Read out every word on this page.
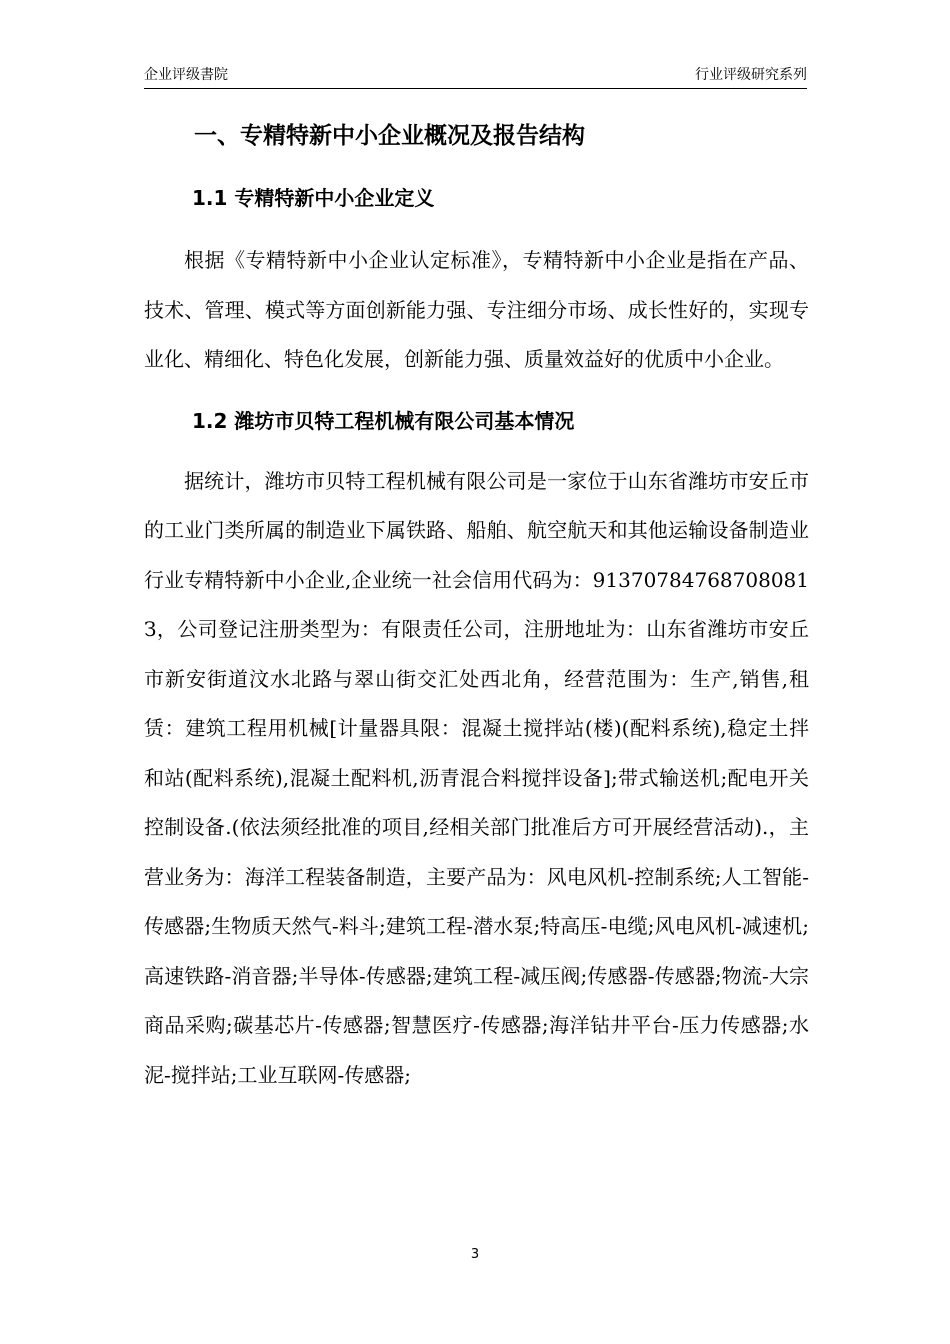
企业评级書院	行业评级研究系列
一、专精特新中小企业概况及报告结构
1.1 专精特新中小企业定义

根据《专精特新中小企业认定标准》，专精特新中小企业是指在产品、技术、管理、模式等方面创新能力强、专注细分市场、成长性好的，实现专业化、精细化、特色化发展，创新能力强、质量效益好的优质中小企业。

1.2 潍坊市贝特工程机械有限公司基本情况

据统计，潍坊市贝特工程机械有限公司是一家位于山东省潍坊市安丘市的工业门类所属的制造业下属铁路、船舶、航空航天和其他运输设备制造业行业专精特新中小企业,企业统一社会信用代码为：91370784768708081З，公司登记注册类型为：有限责任公司，注册地址为：山东省潍坊市安丘市新安街道汶水北路与翠山街交汇处西北角，经营范围为：生产,销售,租赁：建筑工程用机械[计量器具限：混凝土搅拌站(楼)(配料系统),稳定土拌和站(配料系统),混凝土配料机,沥青混合料搅拌设备];带式输送机;配电开关控制设备.(依法须经批准的项目,经相关部门批准后方可开展经营活动).，主营业务为：海洋工程装备制造，主要产品为：风电风机-控制系统;人工智能-传感器;生物质天然气-料斗;建筑工程-潜水泵;特高压-电缆;风电风机-减速机;高速铁路-消音器;半导体-传感器;建筑工程-减压阀;传感器-传感器;物流-大宗商品采购;碳基芯片-传感器;智慧医疗-传感器;海洋钻井平台-压力传感器;水泥-搅拌站;工业互联网-传感器;

3
